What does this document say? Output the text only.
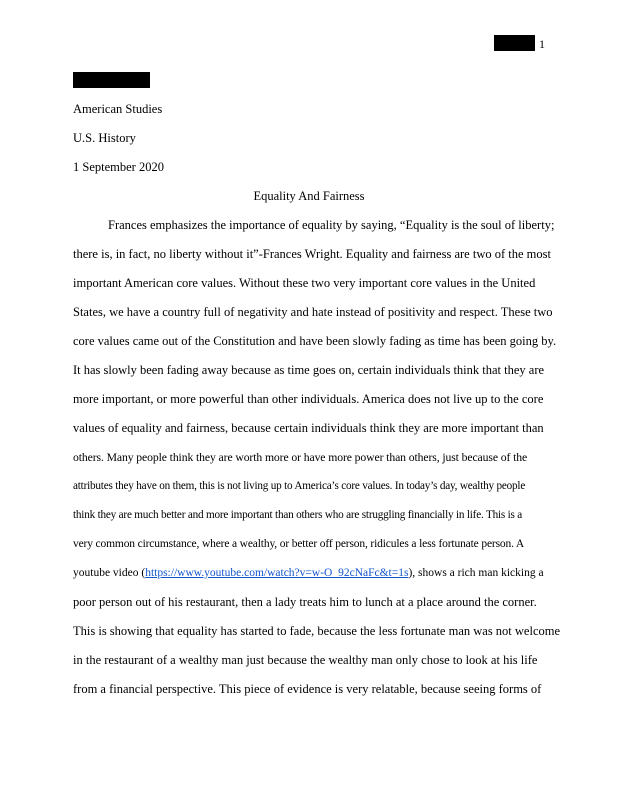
1
American Studies
U.S. History
1 September 2020
Equality And Fairness
Frances emphasizes the importance of equality by saying, “Equality is the soul of liberty;
there is, in fact, no liberty without it”-Frances Wright. Equality and fairness are two of the most
important American core values. Without these two very important core values in the United
States, we have a country full of negativity and hate instead of positivity and respect. These two
core values came out of the Constitution and have been slowly fading as time has been going by.
It has slowly been fading away because as time goes on, certain individuals think that they are
more important, or more powerful than other individuals. America does not live up to the core
values of equality and fairness, because certain individuals think they are more important than
others. Many people think they are worth more or have more power than others, just because of the
attributes they have on them, this is not living up to America’s core values. In today’s day, wealthy people
think they are much better and more important than others who are struggling financially in life. This is a
very common circumstance, where a wealthy, or better off person, ridicules a less fortunate person. A
youtube video (https://www.youtube.com/watch?v=w-O_92cNaFc&t=1s), shows a rich man kicking a
poor person out of his restaurant, then a lady treats him to lunch at a place around the corner.
This is showing that equality has started to fade, because the less fortunate man was not welcome
in the restaurant of a wealthy man just because the wealthy man only chose to look at his life
from a financial perspective. This piece of evidence is very relatable, because seeing forms of
